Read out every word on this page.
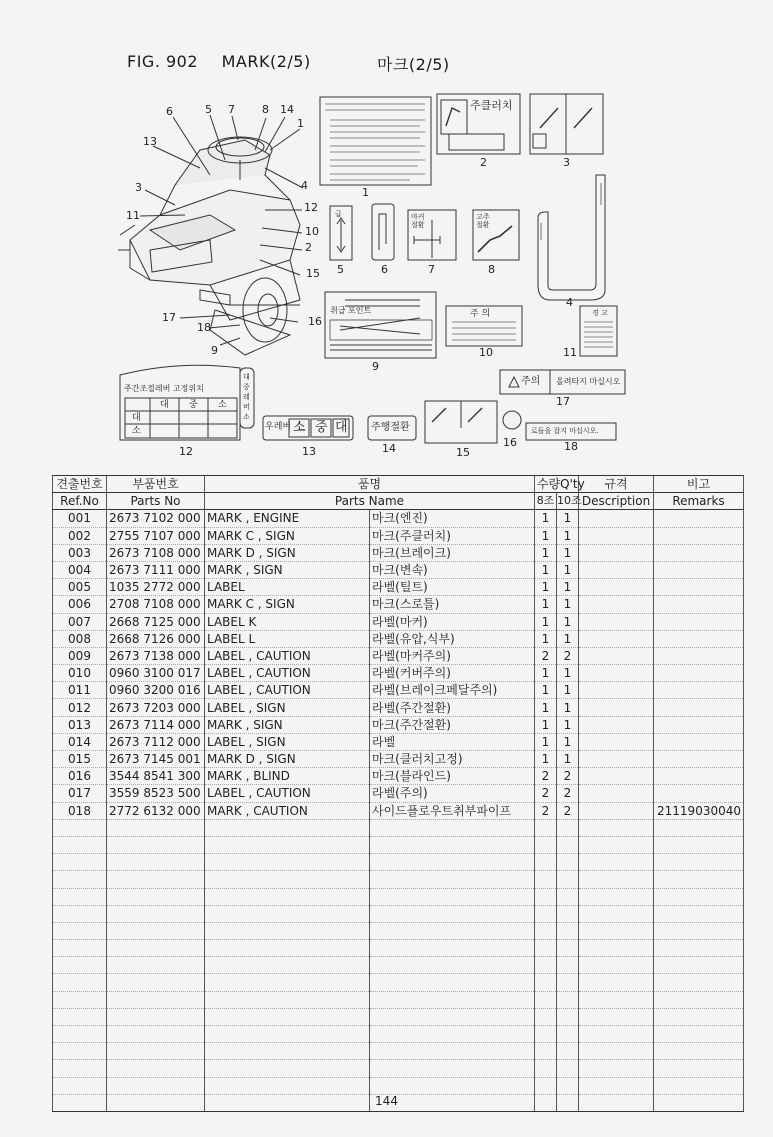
FIG. 902 MARK(2/5)	마크(2/5)
6	5 7 8 14
1
13
3
11
4
12
10
2
15
17
18	16
9
1
2	3
4
5	6	7	8
9
10	11
12	13	14	15
16
17
18
주클러치
주 의	경 고
우레버 소 중 대 주행절환
주의 올려타지 마십시오
주간조절레버 고정위치
대 중 레 버 소
대 중 소
대
소
취급 포인트
급	마커 절환
고주 절환
로들을 잡지 마십시오.
견출번호	부품번호	품명		수량Q'ty		규격	비고
Ref.No	Parts No	Parts Name		8조	10조	Description	Remarks
001	2673 7102 000	MARK , ENGINE	마크(엔진)	1	1		
002	2755 7107 000	MARK C , SIGN	마크(주클러치)	1	1		
003	2673 7108 000	MARK D , SIGN	마크(브레이크)	1	1		
004	2673 7111 000	MARK , SIGN	마크(변속)	1	1		
005	1035 2772 000	LABEL	라벨(틸트)	1	1		
006	2708 7108 000	MARK C , SIGN	마크(스로틀)	1	1		
007	2668 7125 000	LABEL K	라벨(마커)	1	1		
008	2668 7126 000	LABEL L	라벨(유압,식부)	1	1		
009	2673 7138 000	LABEL , CAUTION	라벨(마커주의)	2	2		
010	0960 3100 017	LABEL , CAUTION	라벨(커버주의)	1	1		
011	0960 3200 016	LABEL , CAUTION	라벨(브레이크페달주의)	1	1		
012	2673 7203 000	LABEL , SIGN	라벨(주간절환)	1	1		
013	2673 7114 000	MARK , SIGN	마크(주간절환)	1	1		
014	2673 7112 000	LABEL , SIGN	라벨	1	1		
015	2673 7145 001	MARK D , SIGN	마크(클러치고정)	1	1		
016	3544 8541 300	MARK , BLIND	마크(블라인드)	2	2		
017	3559 8523 500	LABEL , CAUTION	라벨(주의)	2	2		
018	2772 6132 000	MARK , CAUTION	사이드플로우트취부파이프	2	2		21119030040

144
